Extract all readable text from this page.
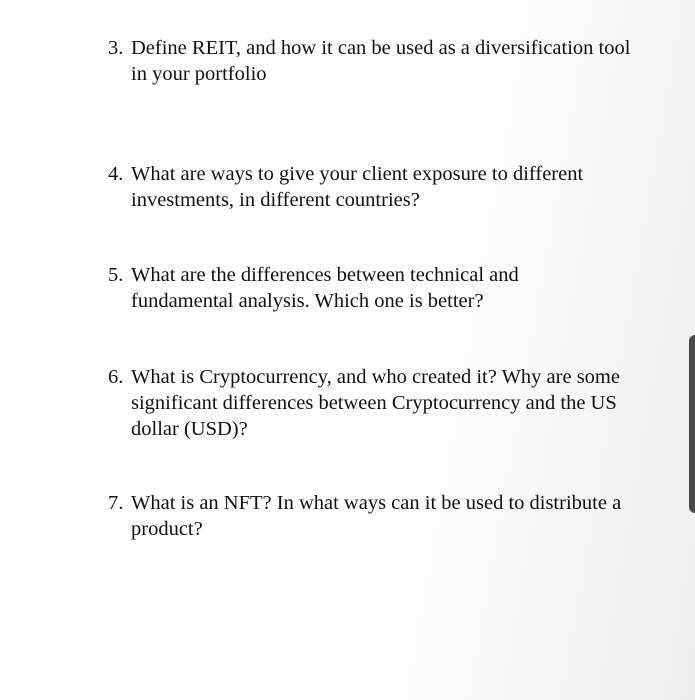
3. Define REIT, and how it can be used as a diversification tool in your portfolio
4. What are ways to give your client exposure to different investments, in different countries?
5. What are the differences between technical and fundamental analysis. Which one is better?
6. What is Cryptocurrency, and who created it? Why are some significant differences between Cryptocurrency and the US dollar (USD)?
7. What is an NFT? In what ways can it be used to distribute a product?
